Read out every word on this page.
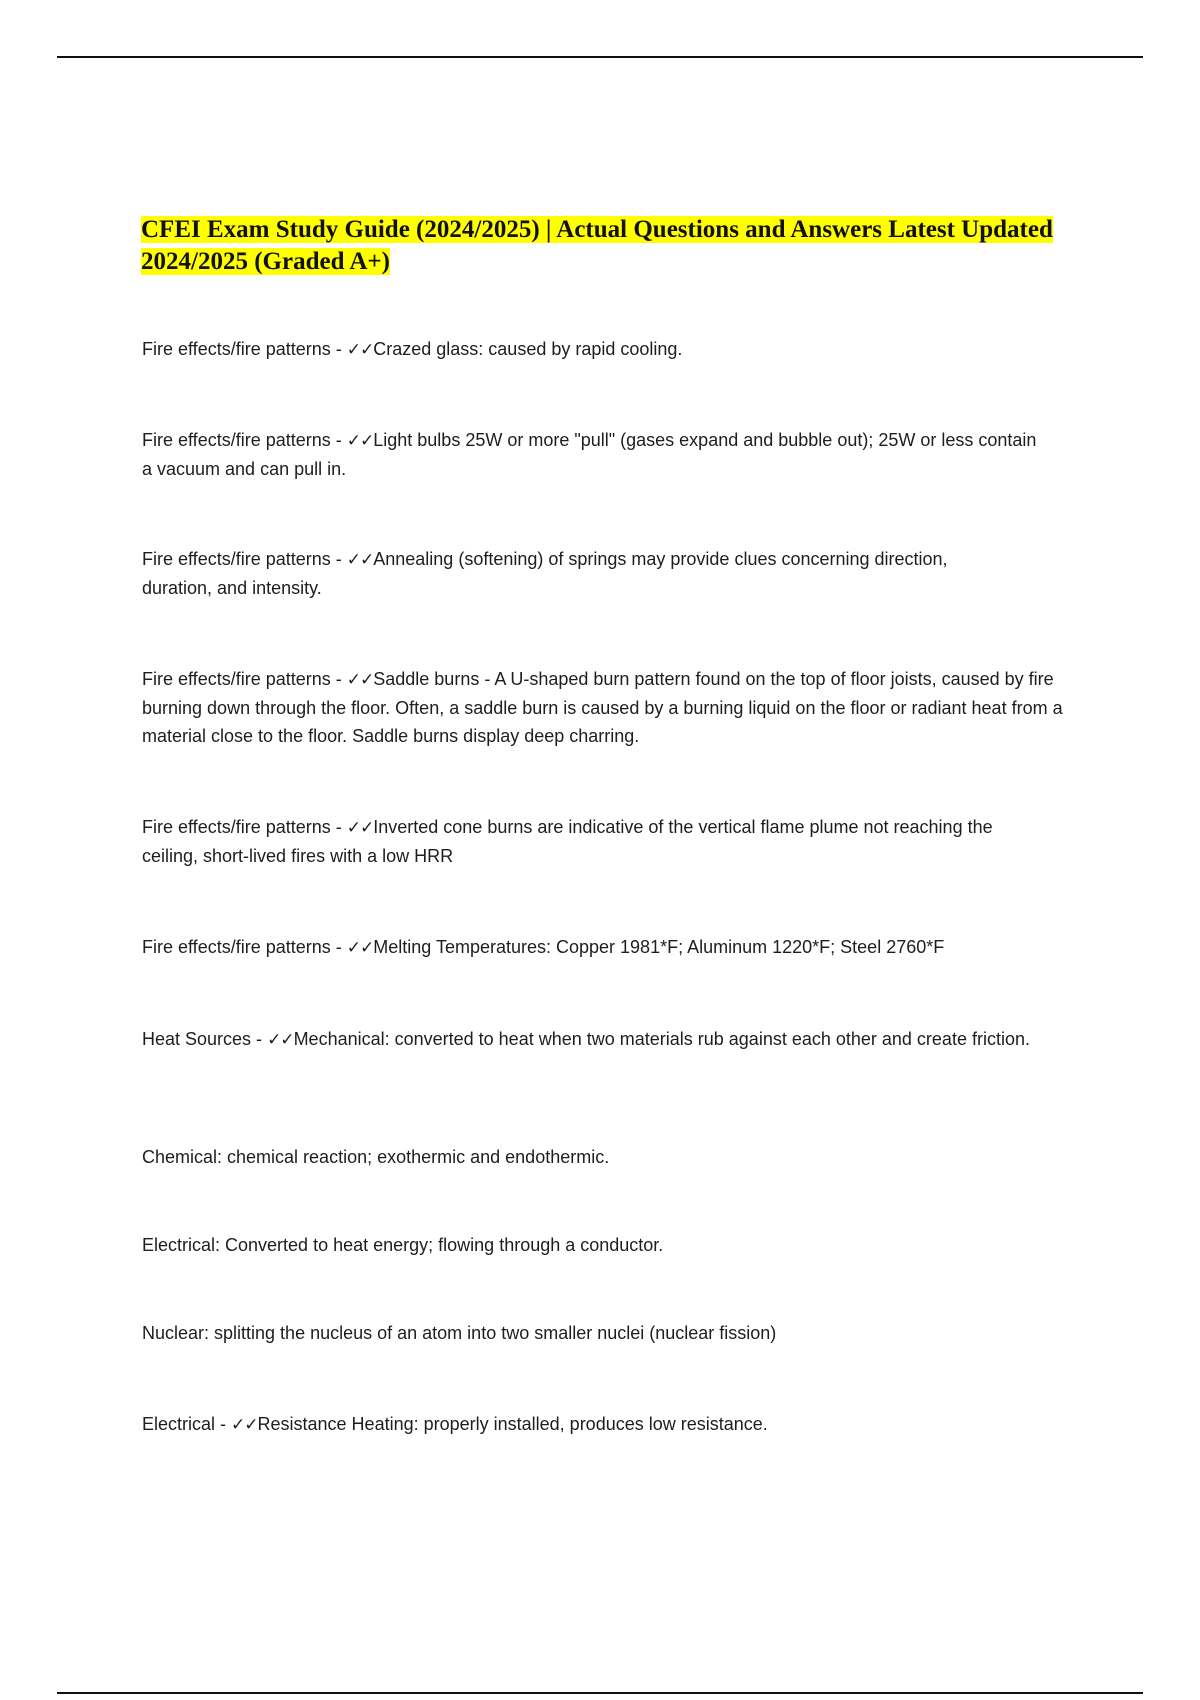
CFEI Exam Study Guide (2024/2025) | Actual Questions and Answers Latest Updated 2024/2025 (Graded A+)

Fire effects/fire patterns - ✓✓Crazed glass: caused by rapid cooling.

Fire effects/fire patterns - ✓✓Light bulbs 25W or more "pull" (gases expand and bubble out); 25W or less contain a vacuum and can pull in.

Fire effects/fire patterns - ✓✓Annealing (softening) of springs may provide clues concerning direction, duration, and intensity.

Fire effects/fire patterns - ✓✓Saddle burns - A U-shaped burn pattern found on the top of floor joists, caused by fire burning down through the floor. Often, a saddle burn is caused by a burning liquid on the floor or radiant heat from a material close to the floor. Saddle burns display deep charring.

Fire effects/fire patterns - ✓✓Inverted cone burns are indicative of the vertical flame plume not reaching the ceiling, short-lived fires with a low HRR

Fire effects/fire patterns - ✓✓Melting Temperatures: Copper 1981*F; Aluminum 1220*F; Steel 2760*F

Heat Sources - ✓✓Mechanical: converted to heat when two materials rub against each other and create friction.

Chemical: chemical reaction; exothermic and endothermic.

Electrical: Converted to heat energy; flowing through a conductor.

Nuclear: splitting the nucleus of an atom into two smaller nuclei (nuclear fission)

Electrical - ✓✓Resistance Heating: properly installed, produces low resistance.
